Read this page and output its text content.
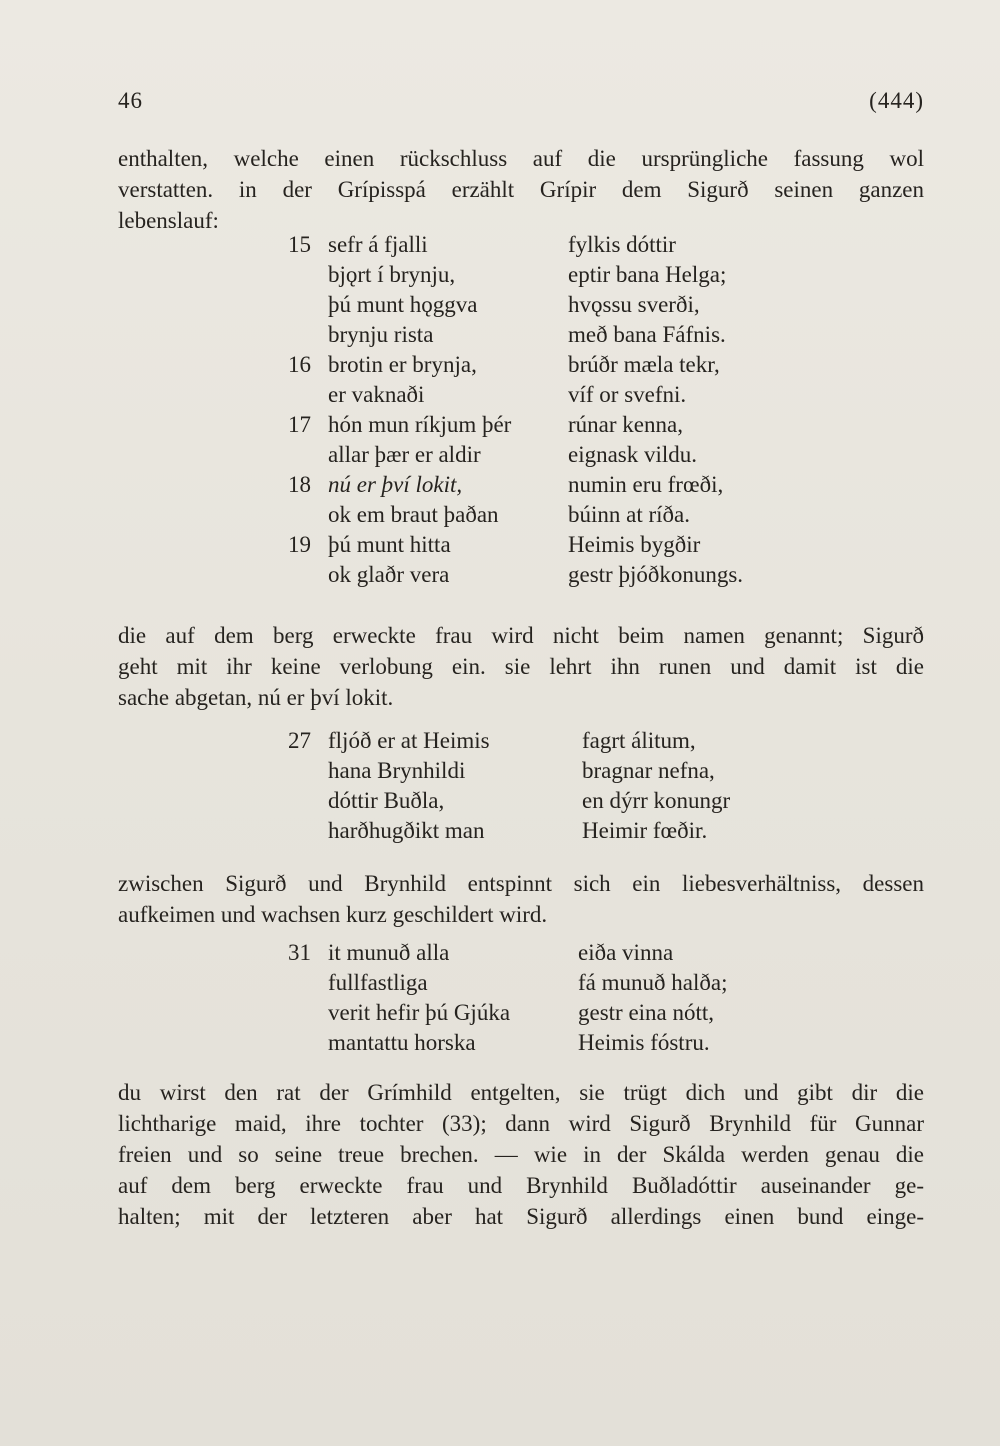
46	(444)
enthalten, welche einen rückschluss auf die ursprüngliche fassung wol
verstatten. in der Grípisspá erzählt Grípir dem Sigurð seinen ganzen
lebenslauf:
15 sefr á fjalli	fylkis dóttir
bjǫrt í brynju,	eptir bana Helga;
þú munt hǫggva	hvǫssu sverði,
brynju rista	með bana Fáfnis.
16 brotin er brynja,	brúðr mæla tekr,
er vaknaði	víf or svefni.
17 hón mun ríkjum þér	rúnar kenna,
allar þær er aldir	eignask vildu.
18 nú er því lokit,	numin eru frœði,
ok em braut þaðan	búinn at ríða.
19 þú munt hitta	Heimis bygðir
ok glaðr vera	gestr þjóðkonungs.
die auf dem berg erweckte frau wird nicht beim namen genannt; Sigurð
geht mit ihr keine verlobung ein. sie lehrt ihn runen und damit ist die
sache abgetan, nú er því lokit.
27 fljóð er at Heimis	fagrt álitum,
hana Brynhildi	bragnar nefna,
dóttir Buðla,	en dýrr konungr
harðhugðikt man	Heimir fœðir.
zwischen Sigurð und Brynhild entspinnt sich ein liebesverhältniss, dessen
aufkeimen und wachsen kurz geschildert wird.
31 it munuð alla	eiða vinna
fullfastliga	fá munuð halða;
verit hefir þú Gjúka	gestr eina nótt,
mantattu horska	Heimis fóstru.
du wirst den rat der Grímhild entgelten, sie trügt dich und gibt dir die
lichtharige maid, ihre tochter (33); dann wird Sigurð Brynhild für Gunnar
freien und so seine treue brechen. — wie in der Skálda werden genau die
auf dem berg erweckte frau und Brynhild Buðladóttir auseinander ge-
halten; mit der letzteren aber hat Sigurð allerdings einen bund einge-
